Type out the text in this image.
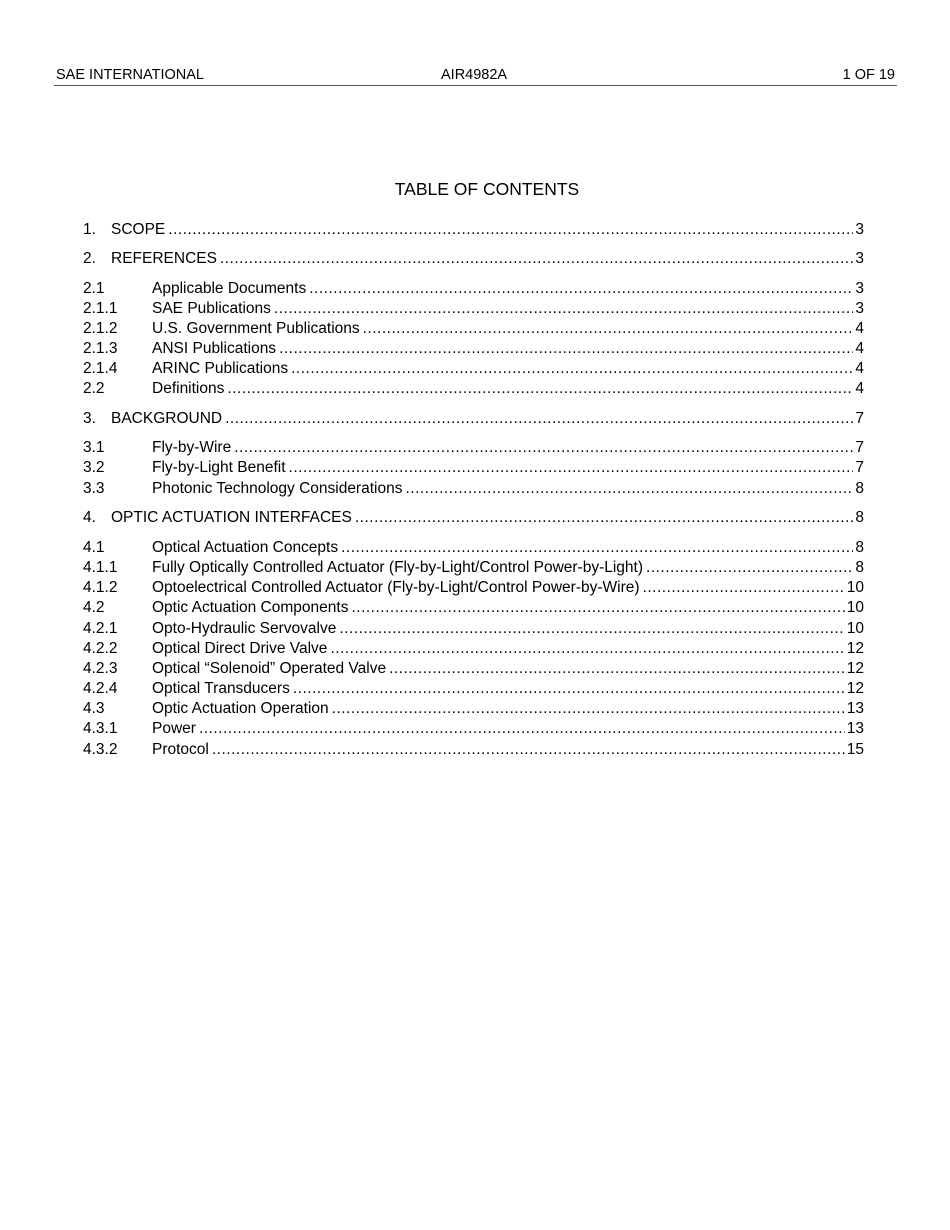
SAE INTERNATIONAL	AIR4982A	1 OF 19
TABLE OF CONTENTS
1. SCOPE .....	3
2. REFERENCES .....	3
2.1	Applicable Documents .....	3
2.1.1	SAE Publications .....	3
2.1.2	U.S. Government Publications .....	4
2.1.3	ANSI Publications .....	4
2.1.4	ARINC Publications .....	4
2.2	Definitions .....	4
3. BACKGROUND .....	7
3.1	Fly-by-Wire .....	7
3.2	Fly-by-Light Benefit .....	7
3.3	Photonic Technology Considerations .....	8
4. OPTIC ACTUATION INTERFACES .....	8
4.1	Optical Actuation Concepts .....	8
4.1.1	Fully Optically Controlled Actuator (Fly-by-Light/Control Power-by-Light) .....	8
4.1.2	Optoelectrical Controlled Actuator (Fly-by-Light/Control Power-by-Wire) .....	10
4.2	Optic Actuation Components .....	10
4.2.1	Opto-Hydraulic Servovalve .....	10
4.2.2	Optical Direct Drive Valve .....	12
4.2.3	Optical “Solenoid” Operated Valve .....	12
4.2.4	Optical Transducers .....	12
4.3	Optic Actuation Operation .....	13
4.3.1	Power .....	13
4.3.2	Protocol .....	15
